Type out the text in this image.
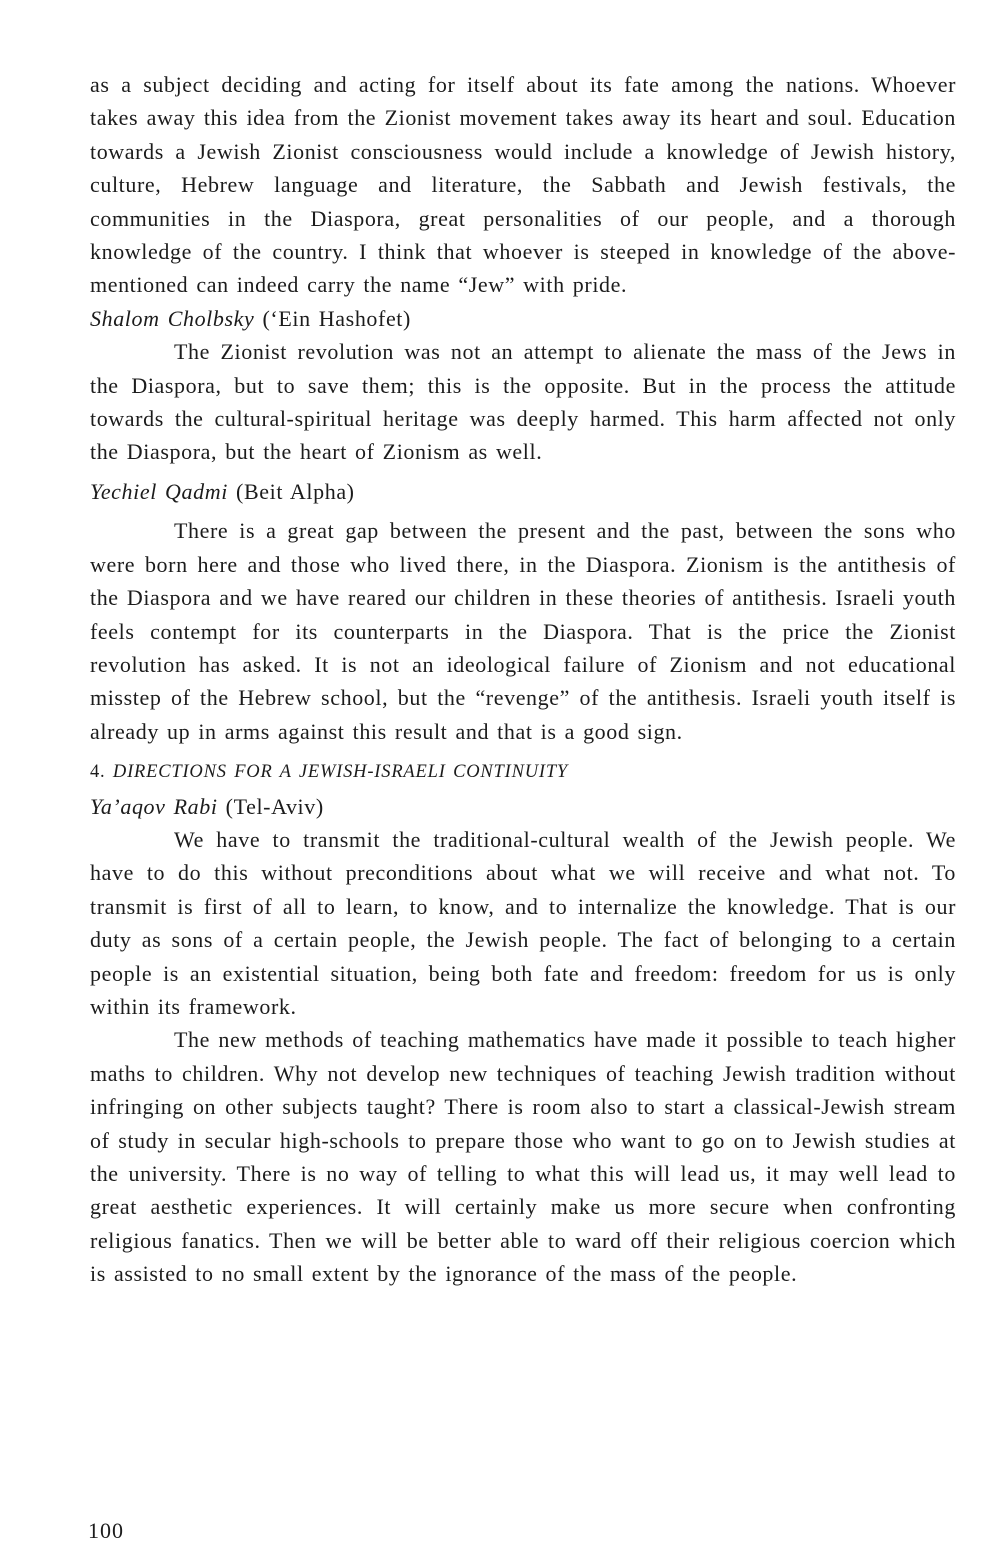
as a subject deciding and acting for itself about its fate among the nations. Whoever takes away this idea from the Zionist movement takes away its heart and soul. Education towards a Jewish Zionist consciousness would include a knowledge of Jewish history, culture, Hebrew language and literature, the Sabbath and Jewish festivals, the communities in the Diaspora, great personalities of our people, and a thorough knowledge of the country. I think that whoever is steeped in knowledge of the above-mentioned can indeed carry the name “Jew” with pride.

Shalom Cholbsky (‘Ein Hashofet)

The Zionist revolution was not an attempt to alienate the mass of the Jews in the Diaspora, but to save them; this is the opposite. But in the process the attitude towards the cultural-spiritual heritage was deeply harmed. This harm affected not only the Diaspora, but the heart of Zionism as well.

Yechiel Qadmi (Beit Alpha)

There is a great gap between the present and the past, between the sons who were born here and those who lived there, in the Diaspora. Zionism is the antithesis of the Diaspora and we have reared our children in these theories of antithesis. Israeli youth feels contempt for its counterparts in the Diaspora. That is the price the Zionist revolution has asked. It is not an ideological failure of Zionism and not educational misstep of the Hebrew school, but the “revenge” of the antithesis. Israeli youth itself is already up in arms against this result and that is a good sign.

4. DIRECTIONS FOR A JEWISH-ISRAELI CONTINUITY

Ya’aqov Rabi (Tel-Aviv)

We have to transmit the traditional-cultural wealth of the Jewish people. We have to do this without preconditions about what we will receive and what not. To transmit is first of all to learn, to know, and to internalize the knowledge. That is our duty as sons of a certain people, the Jewish people. The fact of belonging to a certain people is an existential situation, being both fate and freedom: freedom for us is only within its framework.

The new methods of teaching mathematics have made it possible to teach higher maths to children. Why not develop new techniques of teaching Jewish tradition without infringing on other subjects taught? There is room also to start a classical-Jewish stream of study in secular high-schools to prepare those who want to go on to Jewish studies at the university. There is no way of telling to what this will lead us, it may well lead to great aesthetic experiences. It will certainly make us more secure when confronting religious fanatics. Then we will be better able to ward off their religious coercion which is assisted to no small extent by the ignorance of the mass of the people.

100
